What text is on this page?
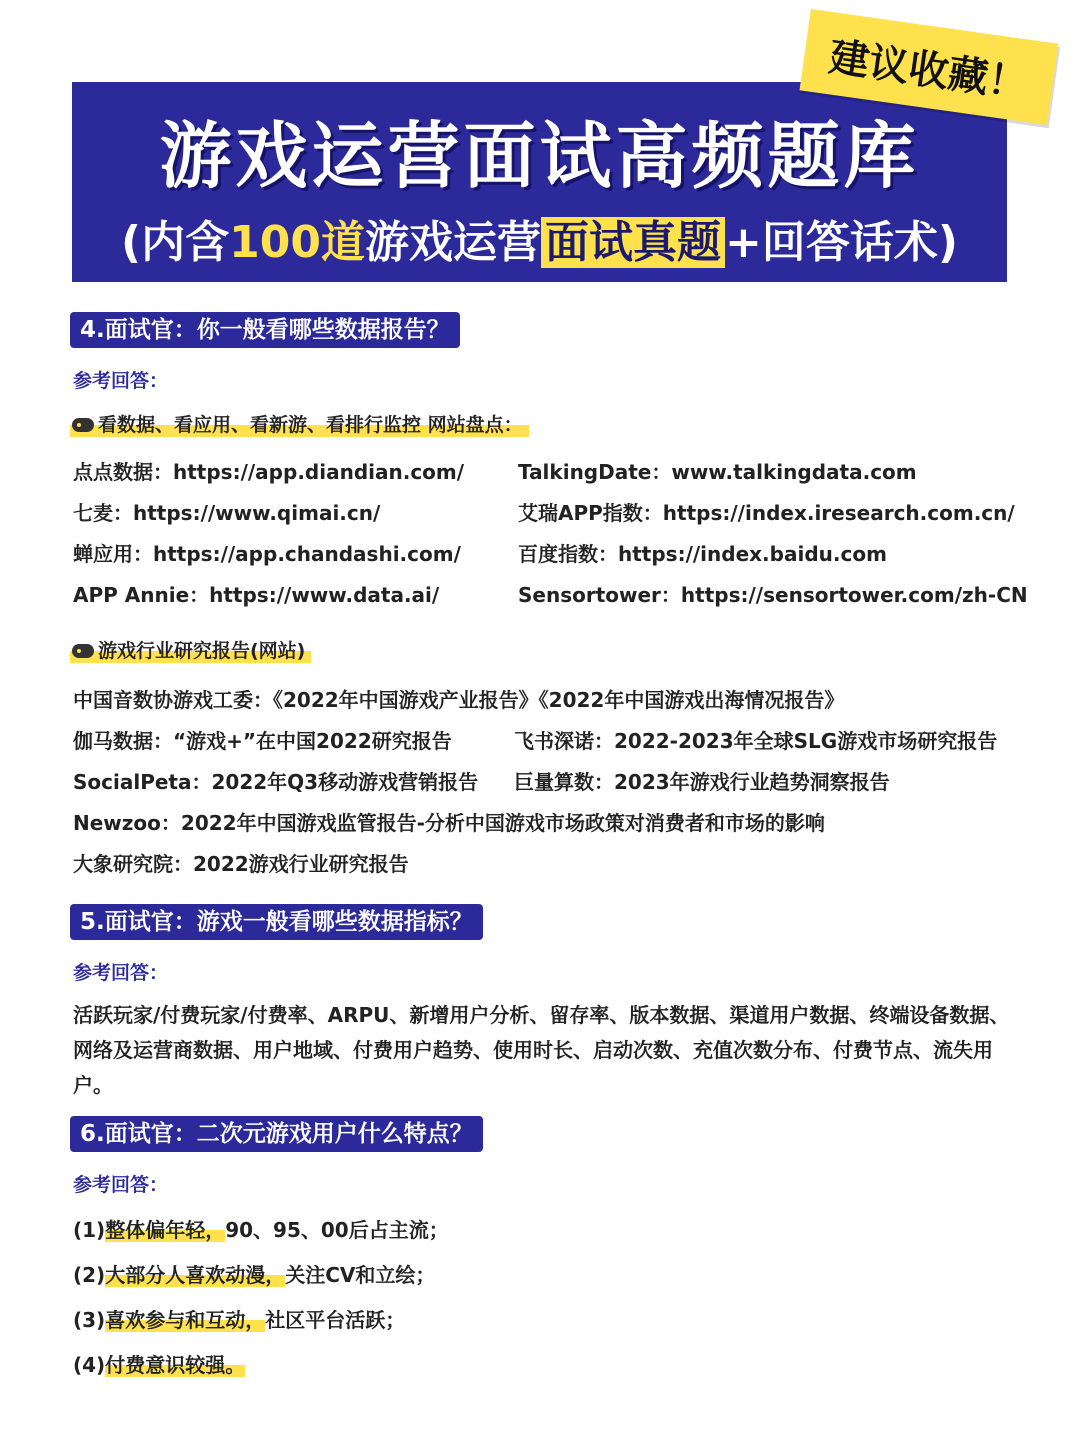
游戏运营面试高频题库
(内含100道游戏运营面试真题+回答话术)
建议收藏！
4.面试官：你一般看哪些数据报告？
参考回答：
看数据、看应用、看新游、看排行监控 网站盘点：
点点数据：https://app.diandian.com/	TalkingDate：www.talkingdata.com
七麦：https://www.qimai.cn/	艾瑞APP指数：https://index.iresearch.com.cn/
蝉应用：https://app.chandashi.com/	百度指数：https://index.baidu.com
APP Annie：https://www.data.ai/	Sensortower：https://sensortower.com/zh-CN
游戏行业研究报告(网站)
中国音数协游戏工委：《2022年中国游戏产业报告》《2022年中国游戏出海情况报告》
伽马数据：“游戏+”在中国2022研究报告	飞书深诺：2022-2023年全球SLG游戏市场研究报告
SocialPeta：2022年Q3移动游戏营销报告 巨量算数：2023年游戏行业趋势洞察报告
Newzoo：2022年中国游戏监管报告-分析中国游戏市场政策对消费者和市场的影响
大象研究院：2022游戏行业研究报告
5.面试官：游戏一般看哪些数据指标？
参考回答：
活跃玩家/付费玩家/付费率、ARPU、新增用户分析、留存率、版本数据、渠道用户数据、终端设备数据、网络及运营商数据、用户地域、付费用户趋势、使用时长、启动次数、充值次数分布、付费节点、流失用户。
6.面试官：二次元游戏用户什么特点？
参考回答：
(1)整体偏年轻，90、95、00后占主流；
(2)大部分人喜欢动漫，关注CV和立绘；
(3)喜欢参与和互动，社区平台活跃；
(4)付费意识较强。
